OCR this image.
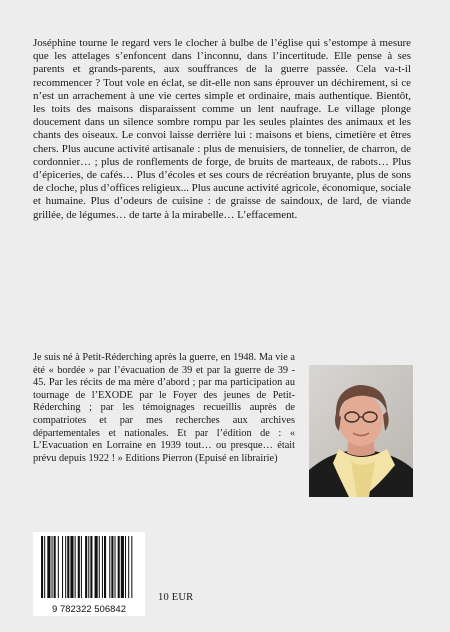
Joséphine tourne le regard vers le clocher à bulbe de l’église qui s’estompe à mesure que les attelages s’enfoncent dans l’inconnu, dans l’incertitude. Elle pense à ses parents et grands-parents, aux souffrances de la guerre passée. Cela va-t-il recommencer ? Tout vole en éclat, se dit-elle non sans éprouver un déchirement, si ce n’est un arrachement à une vie certes simple et ordinaire, mais authentique. Bientôt, les toits des maisons disparaissent comme un lent naufrage. Le village plonge doucement dans un silence sombre rompu par les seules plaintes des animaux et les chants des oiseaux. Le convoi laisse derrière lui : maisons et biens, cimetière et êtres chers. Plus aucune activité artisanale : plus de menuisiers, de tonnelier, de charron, de cordonnier… ; plus de ronflements de forge, de bruits de marteaux, de rabots… Plus d’épiceries, de cafés… Plus d’écoles et ses cours de récréation bruyante, plus de sons de cloche, plus d’offices religieux... Plus aucune activité agricole, économique, sociale et humaine. Plus d’odeurs de cuisine : de graisse de saindoux, de lard, de viande grillée, de légumes… de tarte à la mirabelle… L’effacement.

Je suis né à Petit-Réderching après la guerre, en 1948. Ma vie a été « bordée » par l’évacuation de 39 et par la guerre de 39 - 45. Par les récits de ma mère d’abord ; par ma participation au tournage de l’EXODE par le Foyer des jeunes de Petit-Réderching ; par les témoignages recueillis auprès de compatriotes et par mes recherches aux archives départementales et nationales. Et par l’édition de : « L’Evacuation en Lorraine en 1939 tout… ou presque… était prévu depuis 1922 ! » Editions Pierron (Epuisé en librairie)

9 782322 506842
10 EUR
